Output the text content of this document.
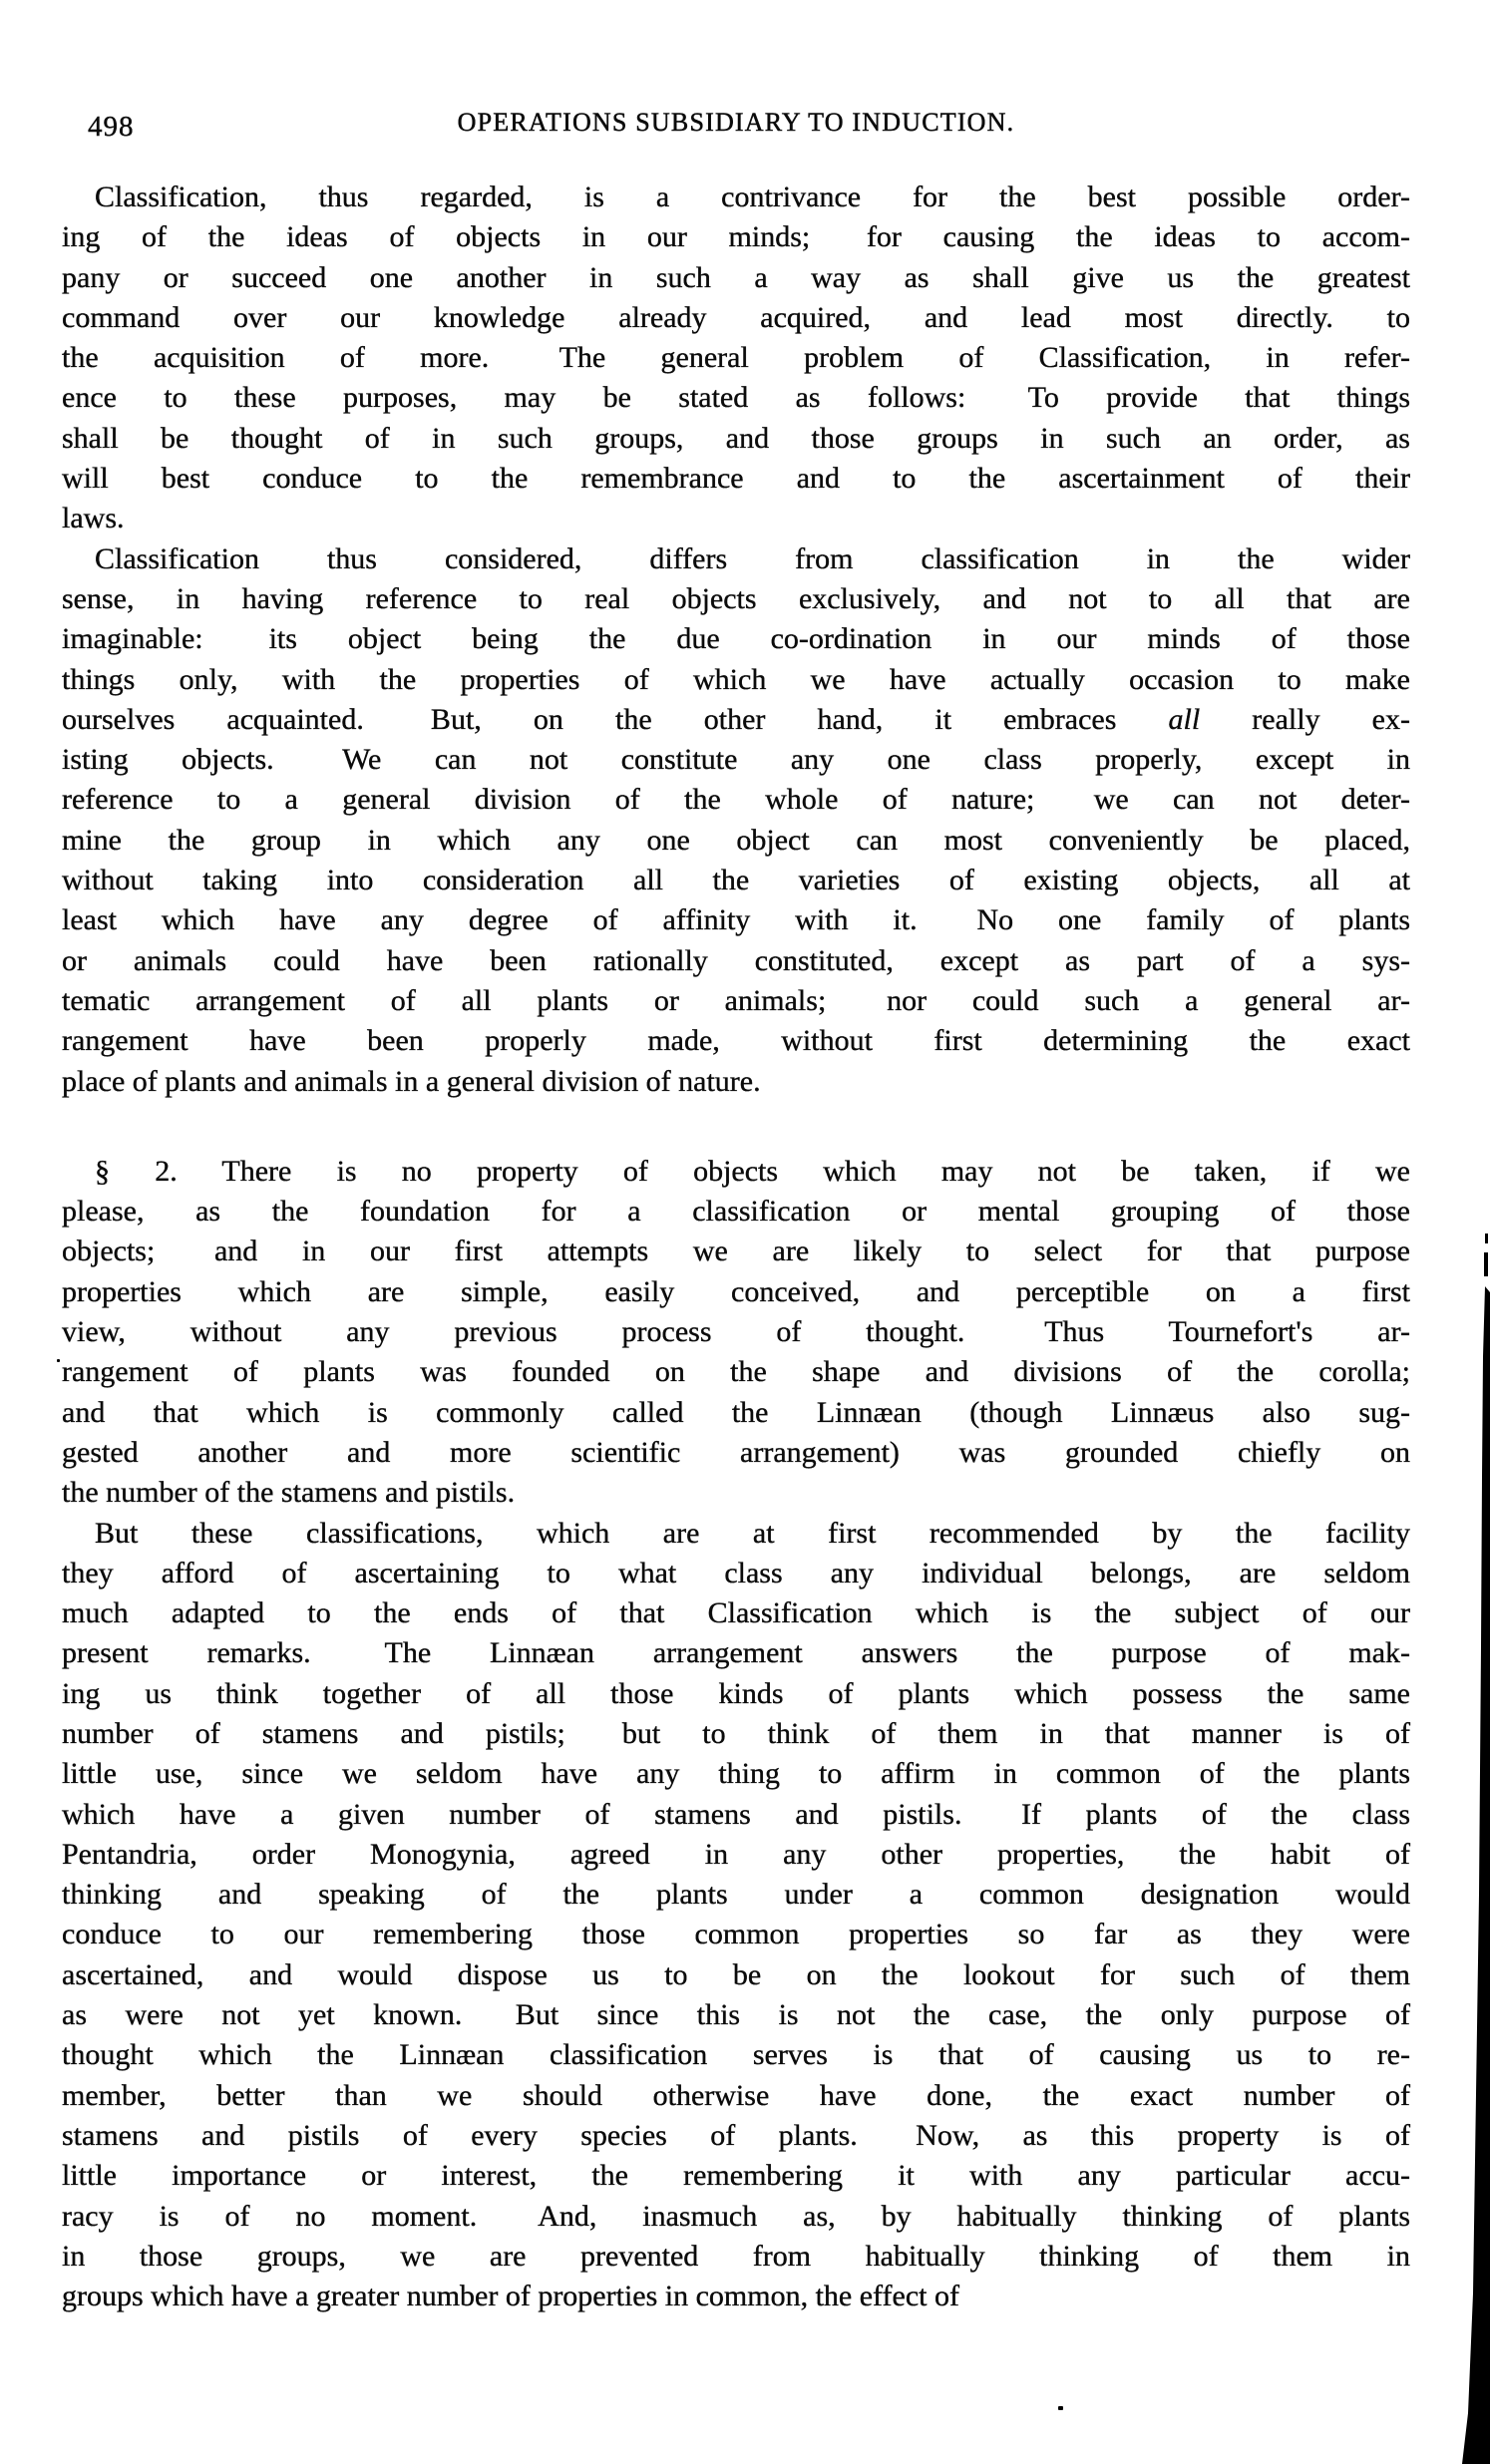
498	OPERATIONS SUBSIDIARY TO INDUCTION.
Classification, thus regarded, is a contrivance for the best possible order-
ing of the ideas of objects in our minds;  for causing the ideas to accom-
pany or succeed one another in such a way as shall give us the greatest
command over our knowledge already acquired, and lead most directly. to
the acquisition of more.  The general problem of Classification, in refer-
ence to these purposes, may be stated as follows:  To provide that things
shall be thought of in such groups, and those groups in such an order, as
will best conduce to the remembrance and to the ascertainment of their
laws.
Classification thus considered, differs from classification in the wider
sense, in having reference to real objects exclusively, and not to all that are
imaginable:  its object being the due co-ordination in our minds of those
things only, with the properties of which we have actually occasion to make
ourselves acquainted.  But, on the other hand, it embraces all really ex-
isting objects.  We can not constitute any one class properly, except in
reference to a general division of the whole of nature;  we can not deter-
mine the group in which any one object can most conveniently be placed,
without taking into consideration all the varieties of existing objects, all at
least which have any degree of affinity with it.  No one family of plants
or animals could have been rationally constituted, except as part of a sys-
tematic arrangement of all plants or animals;  nor could such a general ar-
rangement have been properly made, without first determining the exact
place of plants and animals in a general division of nature.
§ 2. There is no property of objects which may not be taken, if we
please, as the foundation for a classification or mental grouping of those
objects;  and in our first attempts we are likely to select for that purpose
properties which are simple, easily conceived, and perceptible on a first
view, without any previous process of thought.  Thus Tournefort's ar-
rangement of plants was founded on the shape and divisions of the corolla;
and that which is commonly called the Linnæan (though Linnæus also sug-
gested another and more scientific arrangement) was grounded chiefly on
the number of the stamens and pistils.
But these classifications, which are at first recommended by the facility
they afford of ascertaining to what class any individual belongs, are seldom
much adapted to the ends of that Classification which is the subject of our
present remarks.  The Linnæan arrangement answers the purpose of mak-
ing us think together of all those kinds of plants which possess the same
number of stamens and pistils;  but to think of them in that manner is of
little use, since we seldom have any thing to affirm in common of the plants
which have a given number of stamens and pistils.  If plants of the class
Pentandria, order Monogynia, agreed in any other properties, the habit of
thinking and speaking of the plants under a common designation would
conduce to our remembering those common properties so far as they were
ascertained, and would dispose us to be on the lookout for such of them
as were not yet known.  But since this is not the case, the only purpose of
thought which the Linnæan classification serves is that of causing us to re-
member, better than we should otherwise have done, the exact number of
stamens and pistils of every species of plants.  Now, as this property is of
little importance or interest, the remembering it with any particular accu-
racy is of no moment.  And, inasmuch as, by habitually thinking of plants
in those groups, we are prevented from habitually thinking of them in
groups which have a greater number of properties in common, the effect of
